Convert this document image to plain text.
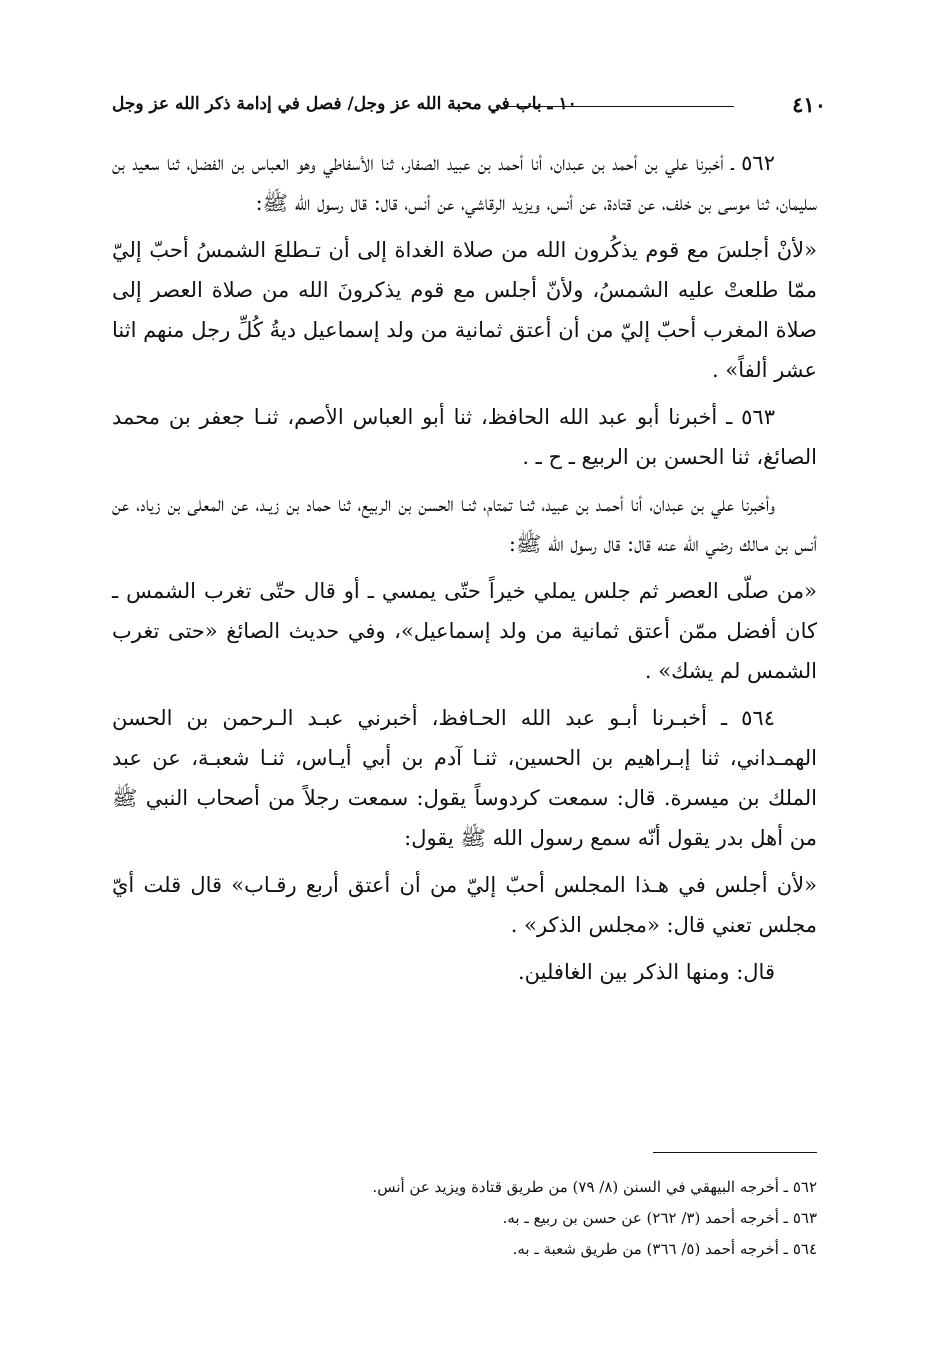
١٠ ـ باب في محبة الله عز وجل/ فصل في إدامة ذكر الله عز وجل	٤١٠

٥٦٢ ـ أخبرنا علي بن أحمد بن عبدان، أنا أحمد بن عبيد الصفار، ثنا الأسفاطي وهو العباس بن الفضل، ثنا سعيد بن سليمان، ثنا موسى بن خلف، عن قتادة، عن أنس، ويزيد الرقاشي، عن أنس، قال: قال رسول الله ﷺ:

«لأنْ أجلسَ مع قوم يذكُرون الله من صلاة الغداة إلى أن تـطلعَ الشمسُ أحبّ إليّ ممّا طلعتْ عليه الشمسُ، ولأنّ أجلس مع قوم يذكرونَ الله من صلاة العصر إلى صلاة المغرب أحبّ إليّ من أن أعتق ثمانية من ولد إسماعيل ديةُ كُلِّ رجل منهم اثنا عشر ألفاً» .

٥٦٣ ـ أخبرنا أبو عبد الله الحافظ، ثنا أبو العباس الأصم، ثنـا جعفر بن محمد الصائغ، ثنا الحسن بن الربيع ـ ح ـ .

وأخبرنا علي بن عبدان، أنا أحمـد بن عبيد، ثنـا تمتام، ثنـا الحسن بن الربيع، ثنا حماد بن زيـد، عن المعلى بن زياد، عن أنس بن مـالك رضي الله عنه قال: قال رسول الله ﷺ:

«من صلّى العصر ثم جلس يملي خيراً حتّى يمسي ـ أو قال حتّى تغرب الشمس ـ كان أفضل ممّن أعتق ثمانية من ولد إسماعيل»، وفي حديث الصائغ «حتى تغرب الشمس لم يشك» .

٥٦٤ ـ أخبـرنا أبـو عبد الله الحـافظ، أخبرني عبـد الـرحمن بن الحسن الهمـداني، ثنا إبـراهيم بن الحسين، ثنـا آدم بن أبي أيـاس، ثنـا شعبـة، عن عبد الملك بن ميسرة. قال: سمعت كردوساً يقول: سمعت رجلاً من أصحاب النبي ﷺ من أهل بدر يقول أنّه سمع رسول الله ﷺ يقول:

«لأن أجلس في هـذا المجلس أحبّ إليّ من أن أعتق أربع رقـاب» قال قلت أيّ مجلس تعني قال: «مجلس الذكر» .

قال: ومنها الذكر بين الغافلين.

٥٦٢ ـ أخرجه البيهقي في السنن (٨/ ٧٩) من طريق قتادة ويزيد عن أنس.

٥٦٣ ـ أخرجه أحمد (٣/ ٢٦٢) عن حسن بن ربيع ـ به.

٥٦٤ ـ أخرجه أحمد (٥/ ٣٦٦) من طريق شعبة ـ به.
